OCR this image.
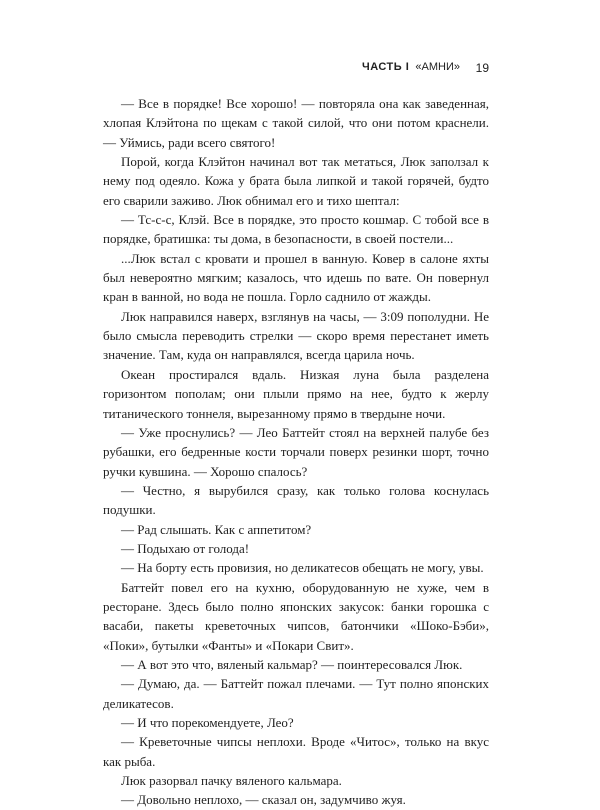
ЧАСТЬ I «АМНИ» 19

— Все в порядке! Все хорошо! — повторяла она как заведенная, хлопая Клэйтона по щекам с такой силой, что они потом краснели. — Уймись, ради всего святого!

Порой, когда Клэйтон начинал вот так метаться, Люк заползал к нему под одеяло. Кожа у брата была липкой и такой горячей, будто его сварили заживо. Люк обнимал его и тихо шептал:

— Тс-с-с, Клэй. Все в порядке, это просто кошмар. С тобой все в порядке, братишка: ты дома, в безопасности, в своей постели...

...Люк встал с кровати и прошел в ванную. Ковер в салоне яхты был невероятно мягким; казалось, что идешь по вате. Он повернул кран в ванной, но вода не пошла. Горло саднило от жажды.

Люк направился наверх, взглянув на часы, — 3:09 пополудни. Не было смысла переводить стрелки — скоро время перестанет иметь значение. Там, куда он направлялся, всегда царила ночь.

Океан простирался вдаль. Низкая луна была разделена горизонтом пополам; они плыли прямо на нее, будто к жерлу титанического тоннеля, вырезанному прямо в твердыне ночи.

— Уже проснулись? — Лео Баттейт стоял на верхней палубе без рубашки, его бедренные кости торчали поверх резинки шорт, точно ручки кувшина. — Хорошо спалось?

— Честно, я вырубился сразу, как только голова коснулась подушки.

— Рад слышать. Как с аппетитом?

— Подыхаю от голода!

— На борту есть провизия, но деликатесов обещать не могу, увы.

Баттейт повел его на кухню, оборудованную не хуже, чем в ресторане. Здесь было полно японских закусок: банки горошка с васаби, пакеты креветочных чипсов, батончики «Шоко-Бэби», «Поки», бутылки «Фанты» и «Покари Свит».

— А вот это что, вяленый кальмар? — поинтересовался Люк.

— Думаю, да. — Баттейт пожал плечами. — Тут полно японских деликатесов.

— И что порекомендуете, Лео?

— Креветочные чипсы неплохи. Вроде «Читос», только на вкус как рыба.

Люк разорвал пачку вяленого кальмара.

— Довольно неплохо, — сказал он, задумчиво жуя.
